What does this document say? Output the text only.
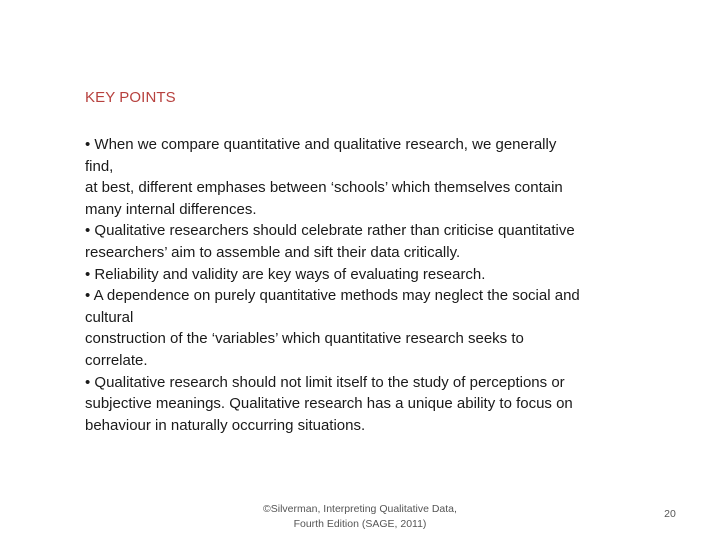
KEY POINTS
• When we compare quantitative and qualitative research, we generally
find,
at best, different emphases between ‘schools’ which themselves contain
many internal differences.
• Qualitative researchers should celebrate rather than criticise quantitative
researchers’ aim to assemble and sift their data critically.
• Reliability and validity are key ways of evaluating research.
• A dependence on purely quantitative methods may neglect the social and
cultural
construction of the ‘variables’ which quantitative research seeks to
correlate.
• Qualitative research should not limit itself to the study of perceptions or
subjective meanings. Qualitative research has a unique ability to focus on
behaviour in naturally occurring situations.
©Silverman, Interpreting Qualitative Data,
Fourth Edition (SAGE, 2011)
20
